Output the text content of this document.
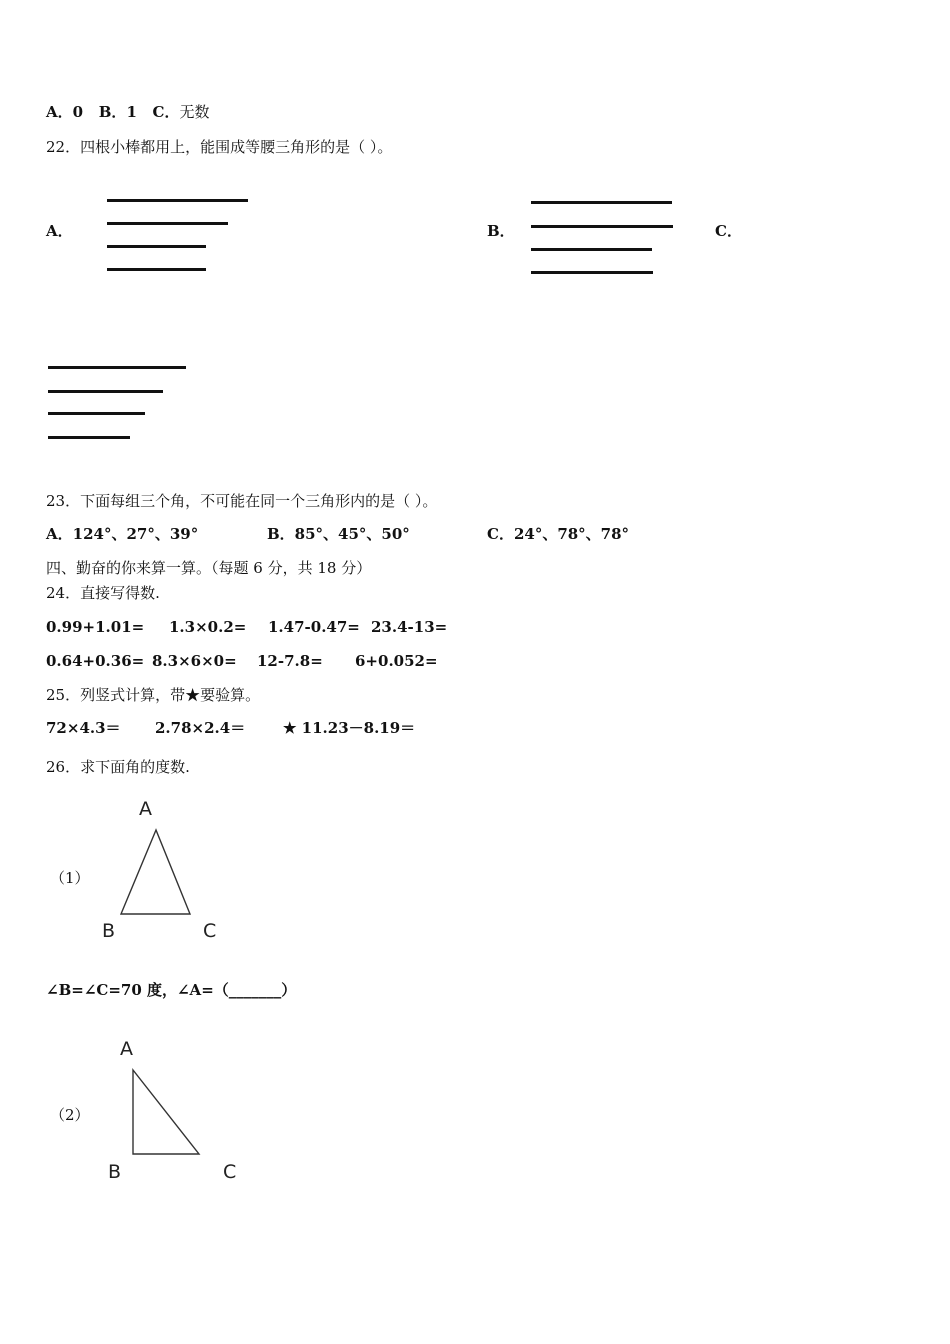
A．0 B．1 C．无数
22．四根小棒都用上，能围成等腰三角形的是（ ）。
A．	B．	C．
23．下面每组三个角，不可能在同一个三角形内的是（ ）。
A．124°、27°、39°	B．85°、45°、50°	C．24°、78°、78°
四、勤奋的你来算一算。（每题 6 分，共 18 分）
24．直接写得数.
0.99+1.01= 1.3×0.2= 1.47-0.47= 23.4-13=
0.64+0.36= 8.3×6×0= 12-7.8= 6+0.052=
25．列竖式计算，带★要验算。
72×4.3＝ 2.78×2.4＝	★ 11.23－8.19＝
26．求下面角的度数.
（1）
A
B	C
∠B=∠C=70 度，∠A=（_______）
（2）
A
B	C
